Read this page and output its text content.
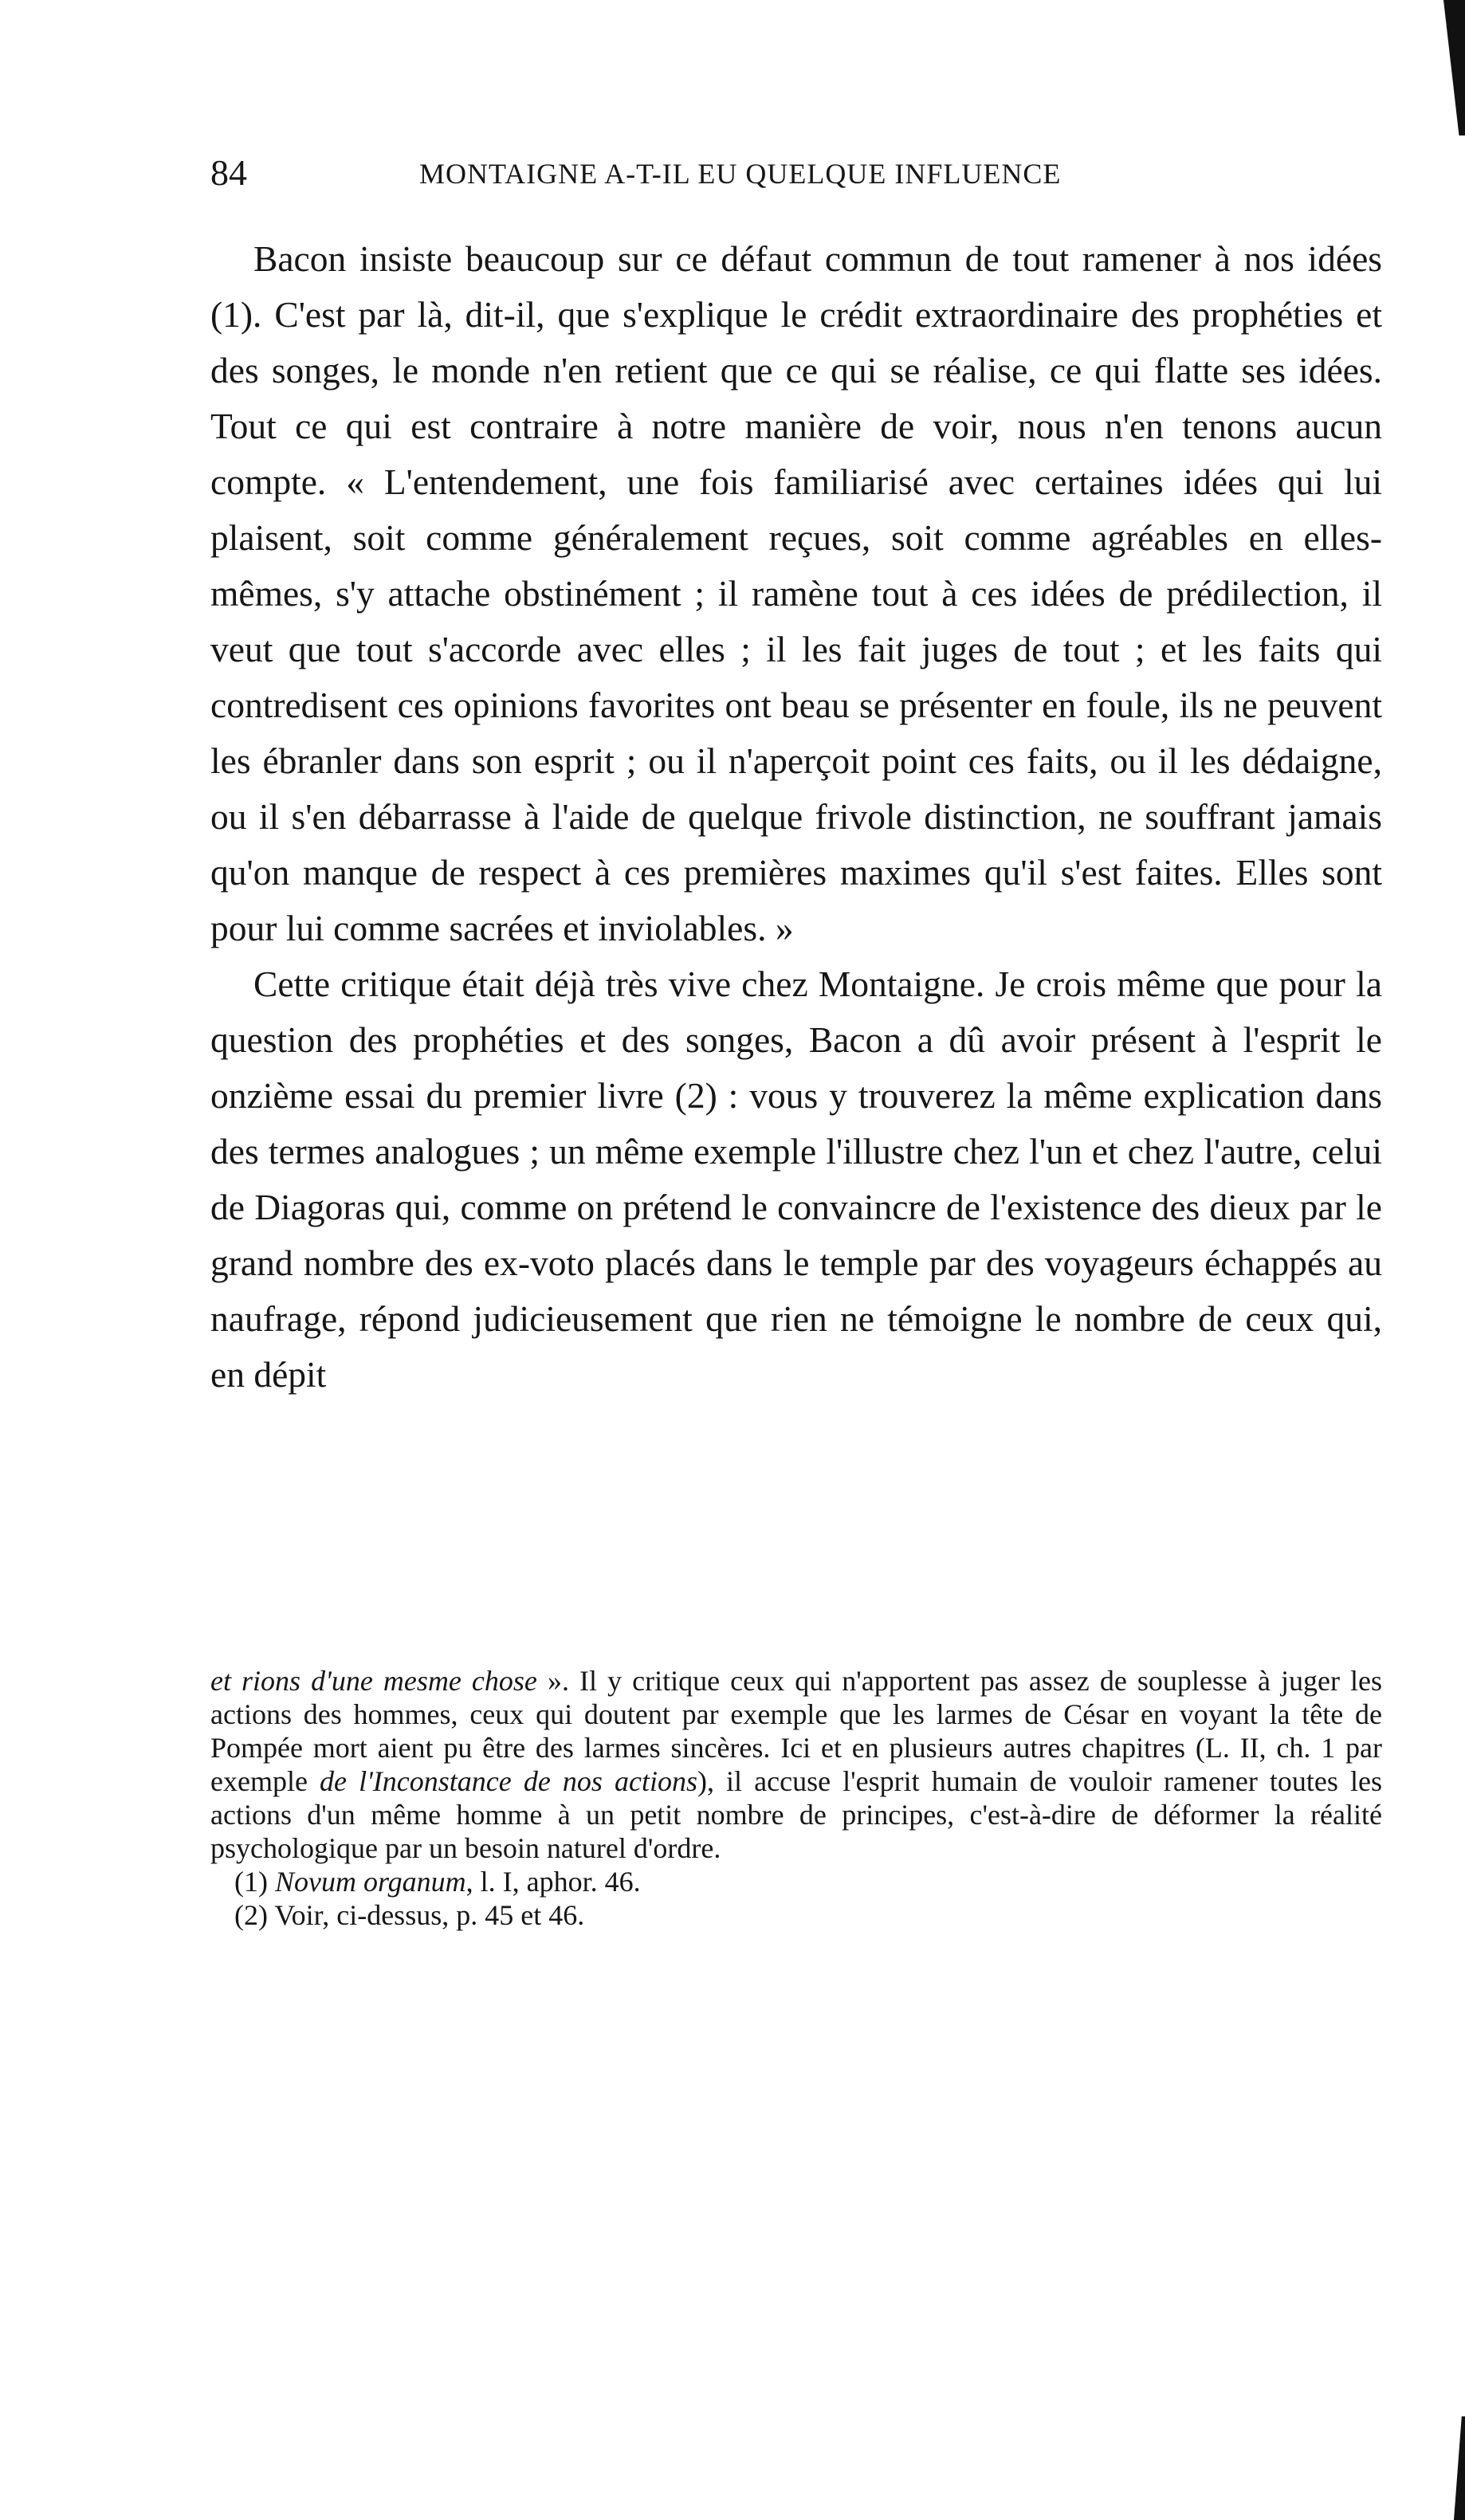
84	MONTAIGNE A-T-IL EU QUELQUE INFLUENCE

Bacon insiste beaucoup sur ce défaut commun de tout ramener à nos idées (1). C'est par là, dit-il, que s'explique le crédit extraordinaire des prophéties et des songes, le monde n'en retient que ce qui se réalise, ce qui flatte ses idées. Tout ce qui est contraire à notre manière de voir, nous n'en tenons aucun compte. « L'entendement, une fois familiarisé avec certaines idées qui lui plaisent, soit comme généralement reçues, soit comme agréables en elles-mêmes, s'y attache obstinément ; il ramène tout à ces idées de prédilection, il veut que tout s'accorde avec elles ; il les fait juges de tout ; et les faits qui contredisent ces opinions favorites ont beau se présenter en foule, ils ne peuvent les ébranler dans son esprit ; ou il n'aperçoit point ces faits, ou il les dédaigne, ou il s'en débarrasse à l'aide de quelque frivole distinction, ne souffrant jamais qu'on manque de respect à ces premières maximes qu'il s'est faites. Elles sont pour lui comme sacrées et inviolables. »

Cette critique était déjà très vive chez Montaigne. Je crois même que pour la question des prophéties et des songes, Bacon a dû avoir présent à l'esprit le onzième essai du premier livre (2) : vous y trouverez la même explication dans des termes analogues ; un même exemple l'illustre chez l'un et chez l'autre, celui de Diagoras qui, comme on prétend le convaincre de l'existence des dieux par le grand nombre des ex-voto placés dans le temple par des voyageurs échappés au naufrage, répond judicieusement que rien ne témoigne le nombre de ceux qui, en dépit

et rions d'une mesme chose ». Il y critique ceux qui n'apportent pas assez de souplesse à juger les actions des hommes, ceux qui doutent par exemple que les larmes de César en voyant la tête de Pompée mort aient pu être des larmes sincères. Ici et en plusieurs autres chapitres (L. II, ch. 1 par exemple de l'Inconstance de nos actions), il accuse l'esprit humain de vouloir ramener toutes les actions d'un même homme à un petit nombre de principes, c'est-à-dire de déformer la réalité psychologique par un besoin naturel d'ordre.

(1) Novum organum, l. I, aphor. 46.

(2) Voir, ci-dessus, p. 45 et 46.
